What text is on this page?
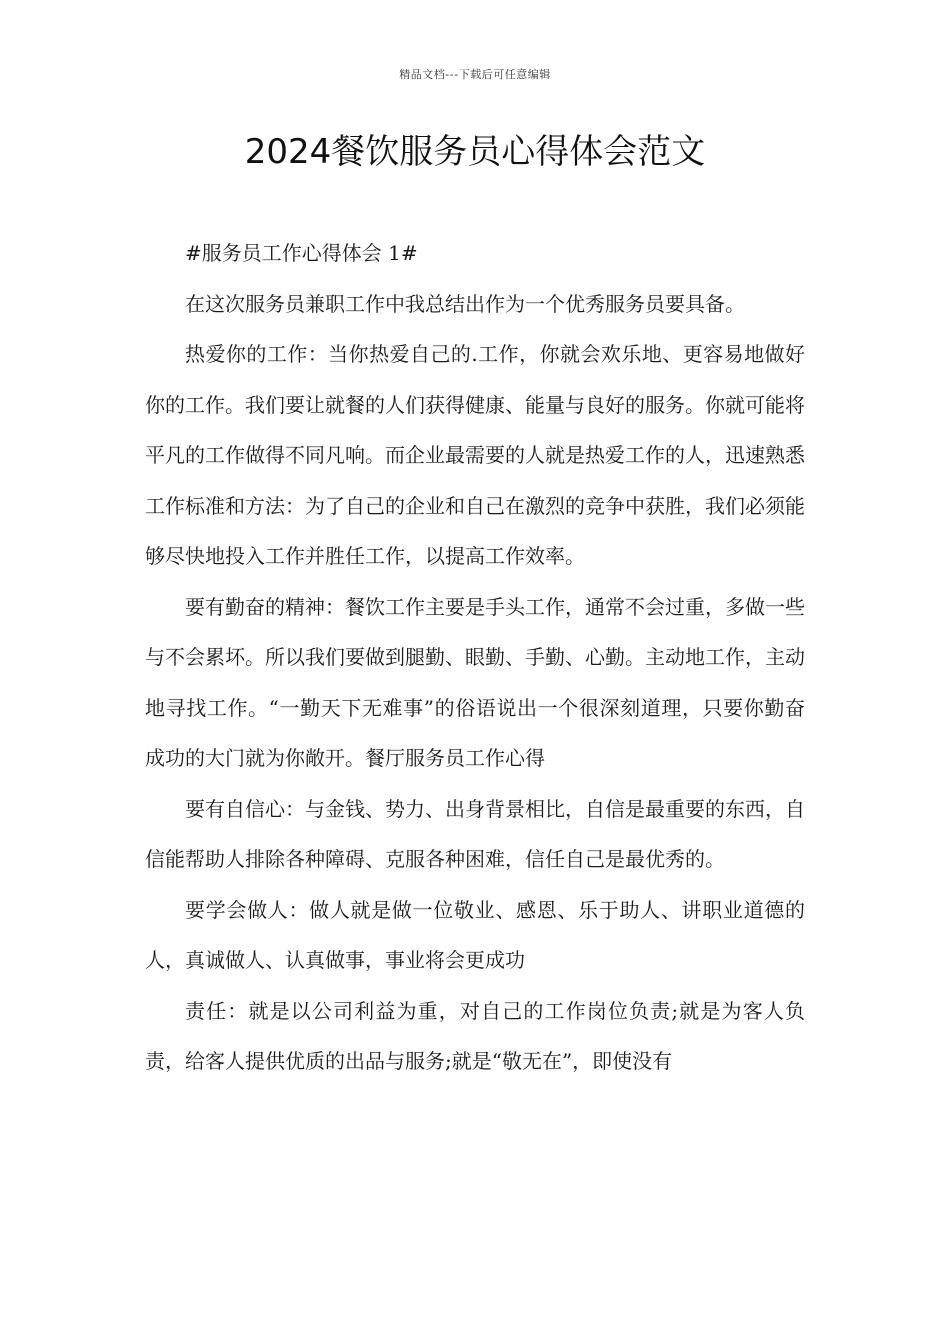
精品文档---下载后可任意编辑
2024餐饮服务员心得体会范文

#服务员工作心得体会 1#

在这次服务员兼职工作中我总结出作为一个优秀服务员要具备。

热爱你的工作：当你热爱自己的.工作，你就会欢乐地、更容易地做好你的工作。我们要让就餐的人们获得健康、能量与良好的服务。你就可能将平凡的工作做得不同凡响。而企业最需要的人就是热爱工作的人，迅速熟悉工作标准和方法：为了自己的企业和自己在激烈的竞争中获胜，我们必须能够尽快地投入工作并胜任工作，以提高工作效率。

要有勤奋的精神：餐饮工作主要是手头工作，通常不会过重，多做一些与不会累坏。所以我们要做到腿勤、眼勤、手勤、心勤。主动地工作，主动地寻找工作。“一勤天下无难事”的俗语说出一个很深刻道理，只要你勤奋成功的大门就为你敞开。餐厅服务员工作心得

要有自信心：与金钱、势力、出身背景相比，自信是最重要的东西，自信能帮助人排除各种障碍、克服各种困难，信任自己是最优秀的。

要学会做人：做人就是做一位敬业、感恩、乐于助人、讲职业道德的人，真诚做人、认真做事，事业将会更成功

责任：就是以公司利益为重，对自己的工作岗位负责;就是为客人负责，给客人提供优质的出品与服务;就是“敬无在”，即使没有
